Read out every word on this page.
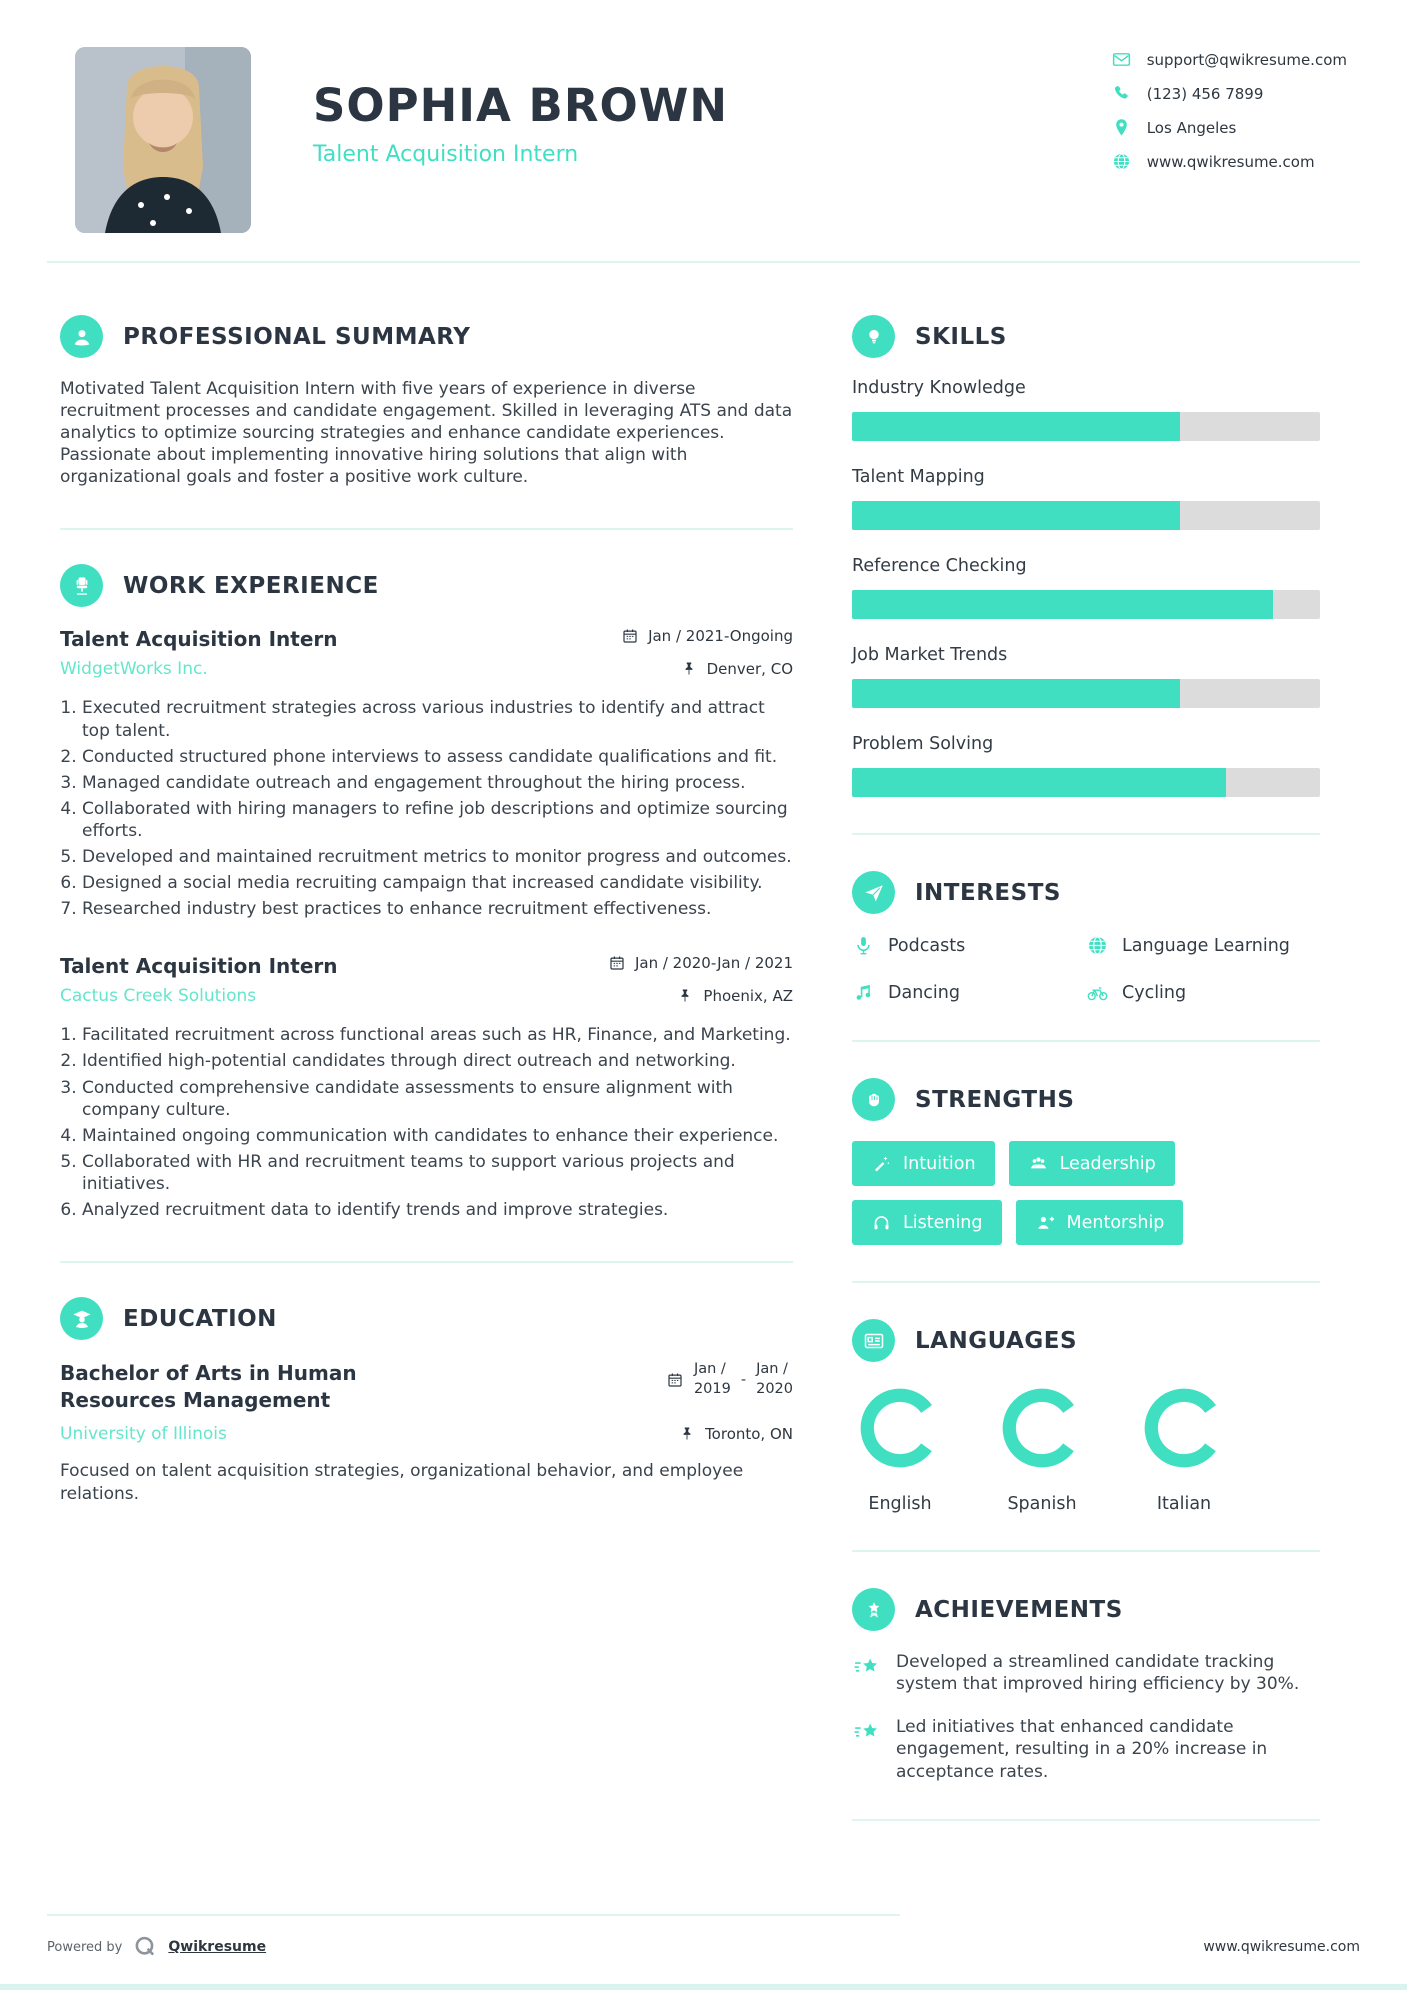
SOPHIA BROWN
Talent Acquisition Intern
support@qwikresume.com
(123) 456 7899
Los Angeles
www.qwikresume.com
PROFESSIONAL SUMMARY

Motivated Talent Acquisition Intern with five years of experience in diverse recruitment processes and candidate engagement. Skilled in leveraging ATS and data analytics to optimize sourcing strategies and enhance candidate experiences. Passionate about implementing innovative hiring solutions that align with organizational goals and foster a positive work culture.

WORK EXPERIENCE
Talent Acquisition Intern	Jan / 2021-Ongoing
WidgetWorks Inc.	Denver, CO
1. Executed recruitment strategies across various industries to identify and attract top talent.
2. Conducted structured phone interviews to assess candidate qualifications and fit.
3. Managed candidate outreach and engagement throughout the hiring process.
4. Collaborated with hiring managers to refine job descriptions and optimize sourcing efforts.
5. Developed and maintained recruitment metrics to monitor progress and outcomes.
6. Designed a social media recruiting campaign that increased candidate visibility.
7. Researched industry best practices to enhance recruitment effectiveness.
Talent Acquisition Intern	Jan / 2020-Jan / 2021
Cactus Creek Solutions	Phoenix, AZ
1. Facilitated recruitment across functional areas such as HR, Finance, and Marketing.
2. Identified high-potential candidates through direct outreach and networking.
3. Conducted comprehensive candidate assessments to ensure alignment with company culture.
4. Maintained ongoing communication with candidates to enhance their experience.
5. Collaborated with HR and recruitment teams to support various projects and initiatives.
6. Analyzed recruitment data to identify trends and improve strategies.
EDUCATION
Bachelor of Arts in Human Resources Management
Jan /
2019
-
Jan /
2020
University of Illinois	Toronto, ON

Focused on talent acquisition strategies, organizational behavior, and employee relations.

SKILLS
Industry Knowledge
Talent Mapping
Reference Checking
Job Market Trends
Problem Solving
INTERESTS
Podcasts	Language Learning
Dancing	Cycling
STRENGTHS
Intuition	Leadership
Listening	Mentorship
LANGUAGES
English	Spanish	Italian
ACHIEVEMENTS
Developed a streamlined candidate tracking system that improved hiring efficiency by 30%.
Led initiatives that enhanced candidate engagement, resulting in a 20% increase in acceptance rates.
Powered by	Qwikresume	www.qwikresume.com
